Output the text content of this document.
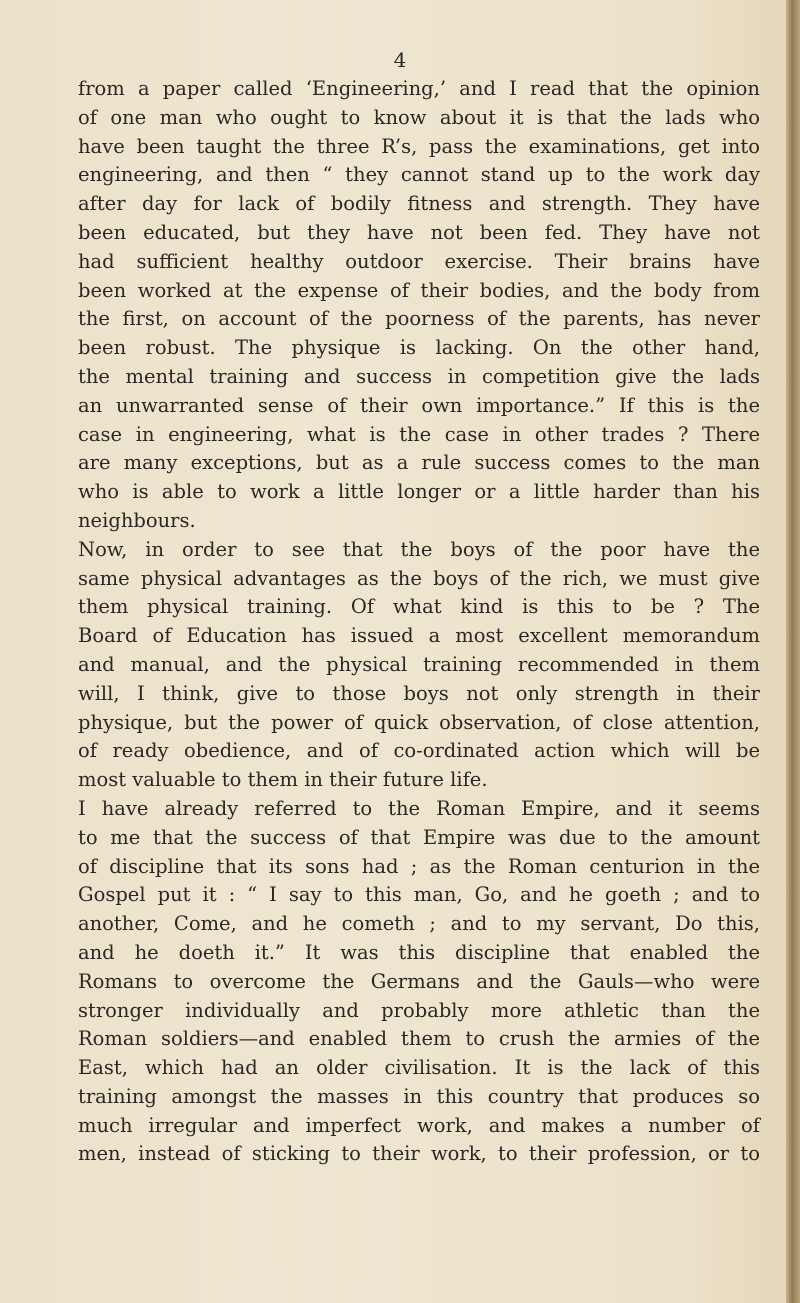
4
from a paper called ‘Engineering,’ and I read that the opinion
of one man who ought to know about it is that the lads who
have been taught the three R’s, pass the examinations, get into
engineering, and then “ they cannot stand up to the work day
after day for lack of bodily fitness and strength. They have
been educated, but they have not been fed. They have not
had sufficient healthy outdoor exercise. Their brains have
been worked at the expense of their bodies, and the body from
the first, on account of the poorness of the parents, has never
been robust. The physique is lacking. On the other hand,
the mental training and success in competition give the lads
an unwarranted sense of their own importance.” If this is the
case in engineering, what is the case in other trades ? There
are many exceptions, but as a rule success comes to the man
who is able to work a little longer or a little harder than his
neighbours.
Now, in order to see that the boys of the poor have the
same physical advantages as the boys of the rich, we must give
them physical training. Of what kind is this to be ? The
Board of Education has issued a most excellent memorandum
and manual, and the physical training recommended in them
will, I think, give to those boys not only strength in their
physique, but the power of quick observation, of close attention,
of ready obedience, and of co-ordinated action which will be
most valuable to them in their future life.
I have already referred to the Roman Empire, and it seems
to me that the success of that Empire was due to the amount
of discipline that its sons had ; as the Roman centurion in the
Gospel put it : “ I say to this man, Go, and he goeth ; and to
another, Come, and he cometh ; and to my servant, Do this,
and he doeth it.” It was this discipline that enabled the
Romans to overcome the Germans and the Gauls—who were
stronger individually and probably more athletic than the
Roman soldiers—and enabled them to crush the armies of the
East, which had an older civilisation. It is the lack of this
training amongst the masses in this country that produces so
much irregular and imperfect work, and makes a number of
men, instead of sticking to their work, to their profession, or to
